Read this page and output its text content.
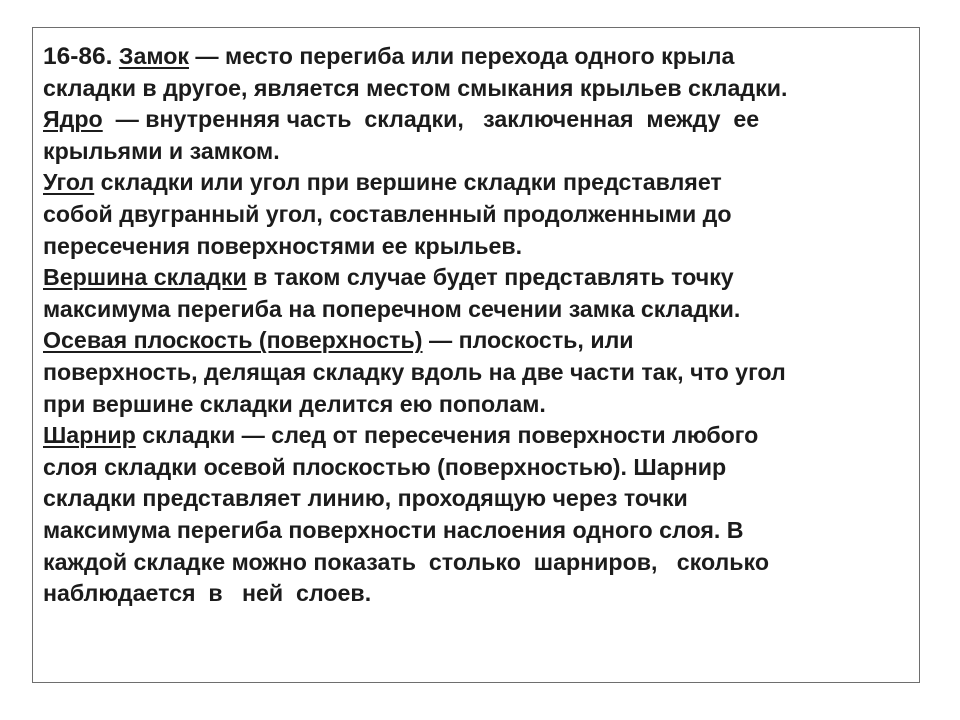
16-86. Замок — место перегиба или перехода одного крыла
складки в другое, является местом смыкания крыльев складки.
Ядро  — внутренняя часть  складки,   заключенная  между  ее
крыльями и замком.
Угол складки или угол при вершине складки представляет
собой двугранный угол, составленный продолженными до
пересечения поверхностями ее крыльев.
Вершина складки в таком случае будет представлять точку
максимума перегиба на поперечном сечении замка складки.
Осевая плоскость (поверхность) — плоскость, или
поверхность, делящая складку вдоль на две части так, что угол
при вершине складки делится ею пополам.
Шарнир складки — след от пересечения поверхности любого
слоя складки осевой плоскостью (поверхностью). Шарнир
складки представляет линию, проходящую через точки
максимума перегиба поверхности наслоения одного слоя. В
каждой складке можно показать  столько  шарниров,   сколько
наблюдается  в   ней  слоев.
